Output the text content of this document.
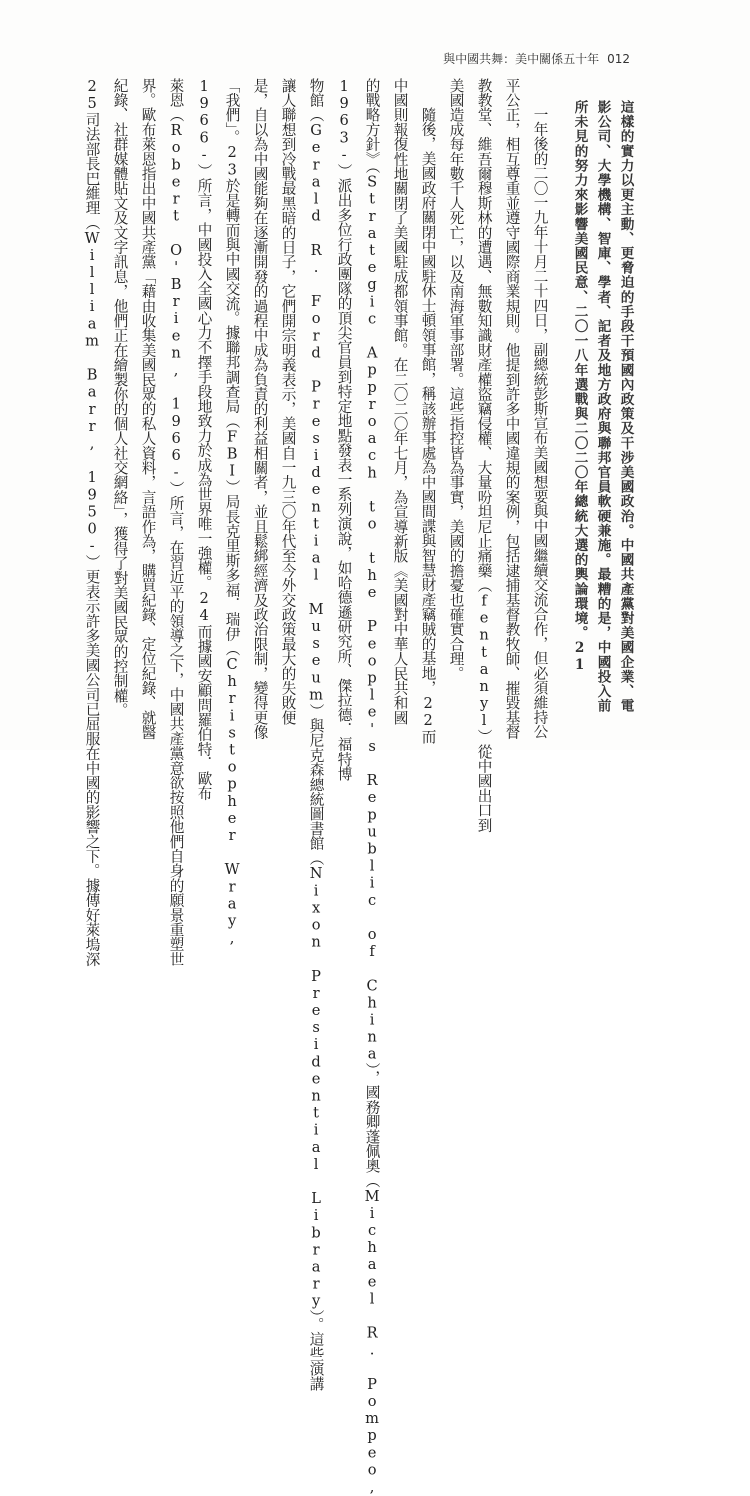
與中國共舞：美中關係五十年 012
這樣的實力以更主動、更脅迫的手段干預國內政策及干涉美國政治。中國共產黨對美國企業、電
影公司、大學機構、智庫、學者、記者及地方政府與聯邦官員軟硬兼施。最糟的是，中國投入前
所未見的努力來影響美國民意、二〇一八年選戰與二〇二〇年總統大選的輿論環境。21
一年後的二〇一九年十月二十四日，副總統彭斯宣布美國想要與中國繼續交流合作，但必須維持公
平公正，相互尊重並遵守國際商業規則。他提到許多中國違規的案例，包括逮捕基督教牧師、摧毀基督
教教堂、維吾爾穆斯林的遭遇、無數知識財產權盜竊侵權、大量吩坦尼止痛藥（fentanyl）從中國出口到
美國造成每年數千人死亡，以及南海軍事部署。這些指控皆為事實，美國的擔憂也確實合理。
隨後，美國政府關閉中國駐休士頓領事館，稱該辦事處為中國間諜與智慧財產竊賊的基地，22而
中國則報復性地關閉了美國駐成都領事館。在二〇二〇年七月，為宣導新版《美國對中華人民共和國
的戰略方針》（Strategic Approach to the People's Republic of China），國務卿蓬佩奧（Michael R. Pompeo,
1963-）派出多位行政團隊的頂尖官員到特定地點發表一系列演說，如哈德遜研究所、傑拉德．福特博
物館（Gerald R. Ford Presidential Museum）與尼克森總統圖書館（Nixon Presidential Library）。這些演講
讓人聯想到冷戰最黑暗的日子，它們開宗明義表示，美國自一九三〇年代至今外交政策最大的失敗便
是，自以為中國能夠在逐漸開發的過程中成為負責的利益相關者，並且鬆綁經濟及政治限制，變得更像
「我們」。23於是轉而與中國交流。據聯邦調查局（FBI）局長克里斯多福．瑞伊（Christopher Wray,
1966-）所言，中國投入全國心力不擇手段地致力於成為世界唯一強權。24而據國安顧問羅伯特．歐布
萊恩（Robert O'Brien, 1966-）所言，在習近平的領導之下，中國共產黨意欲按照他們自身的願景重塑世
界。歐布萊恩指出中國共產黨「藉由收集美國民眾的私人資料，言語作為，購買紀錄、定位紀錄、就醫
紀錄、社群媒體貼文及文字訊息，他們正在繪製你的個人社交網絡」，獲得了對美國民眾的控制權。
25司法部長巴維理（William Barr, 1950-）更表示許多美國公司已屈服在中國的影響之下。據傳好萊塢深
